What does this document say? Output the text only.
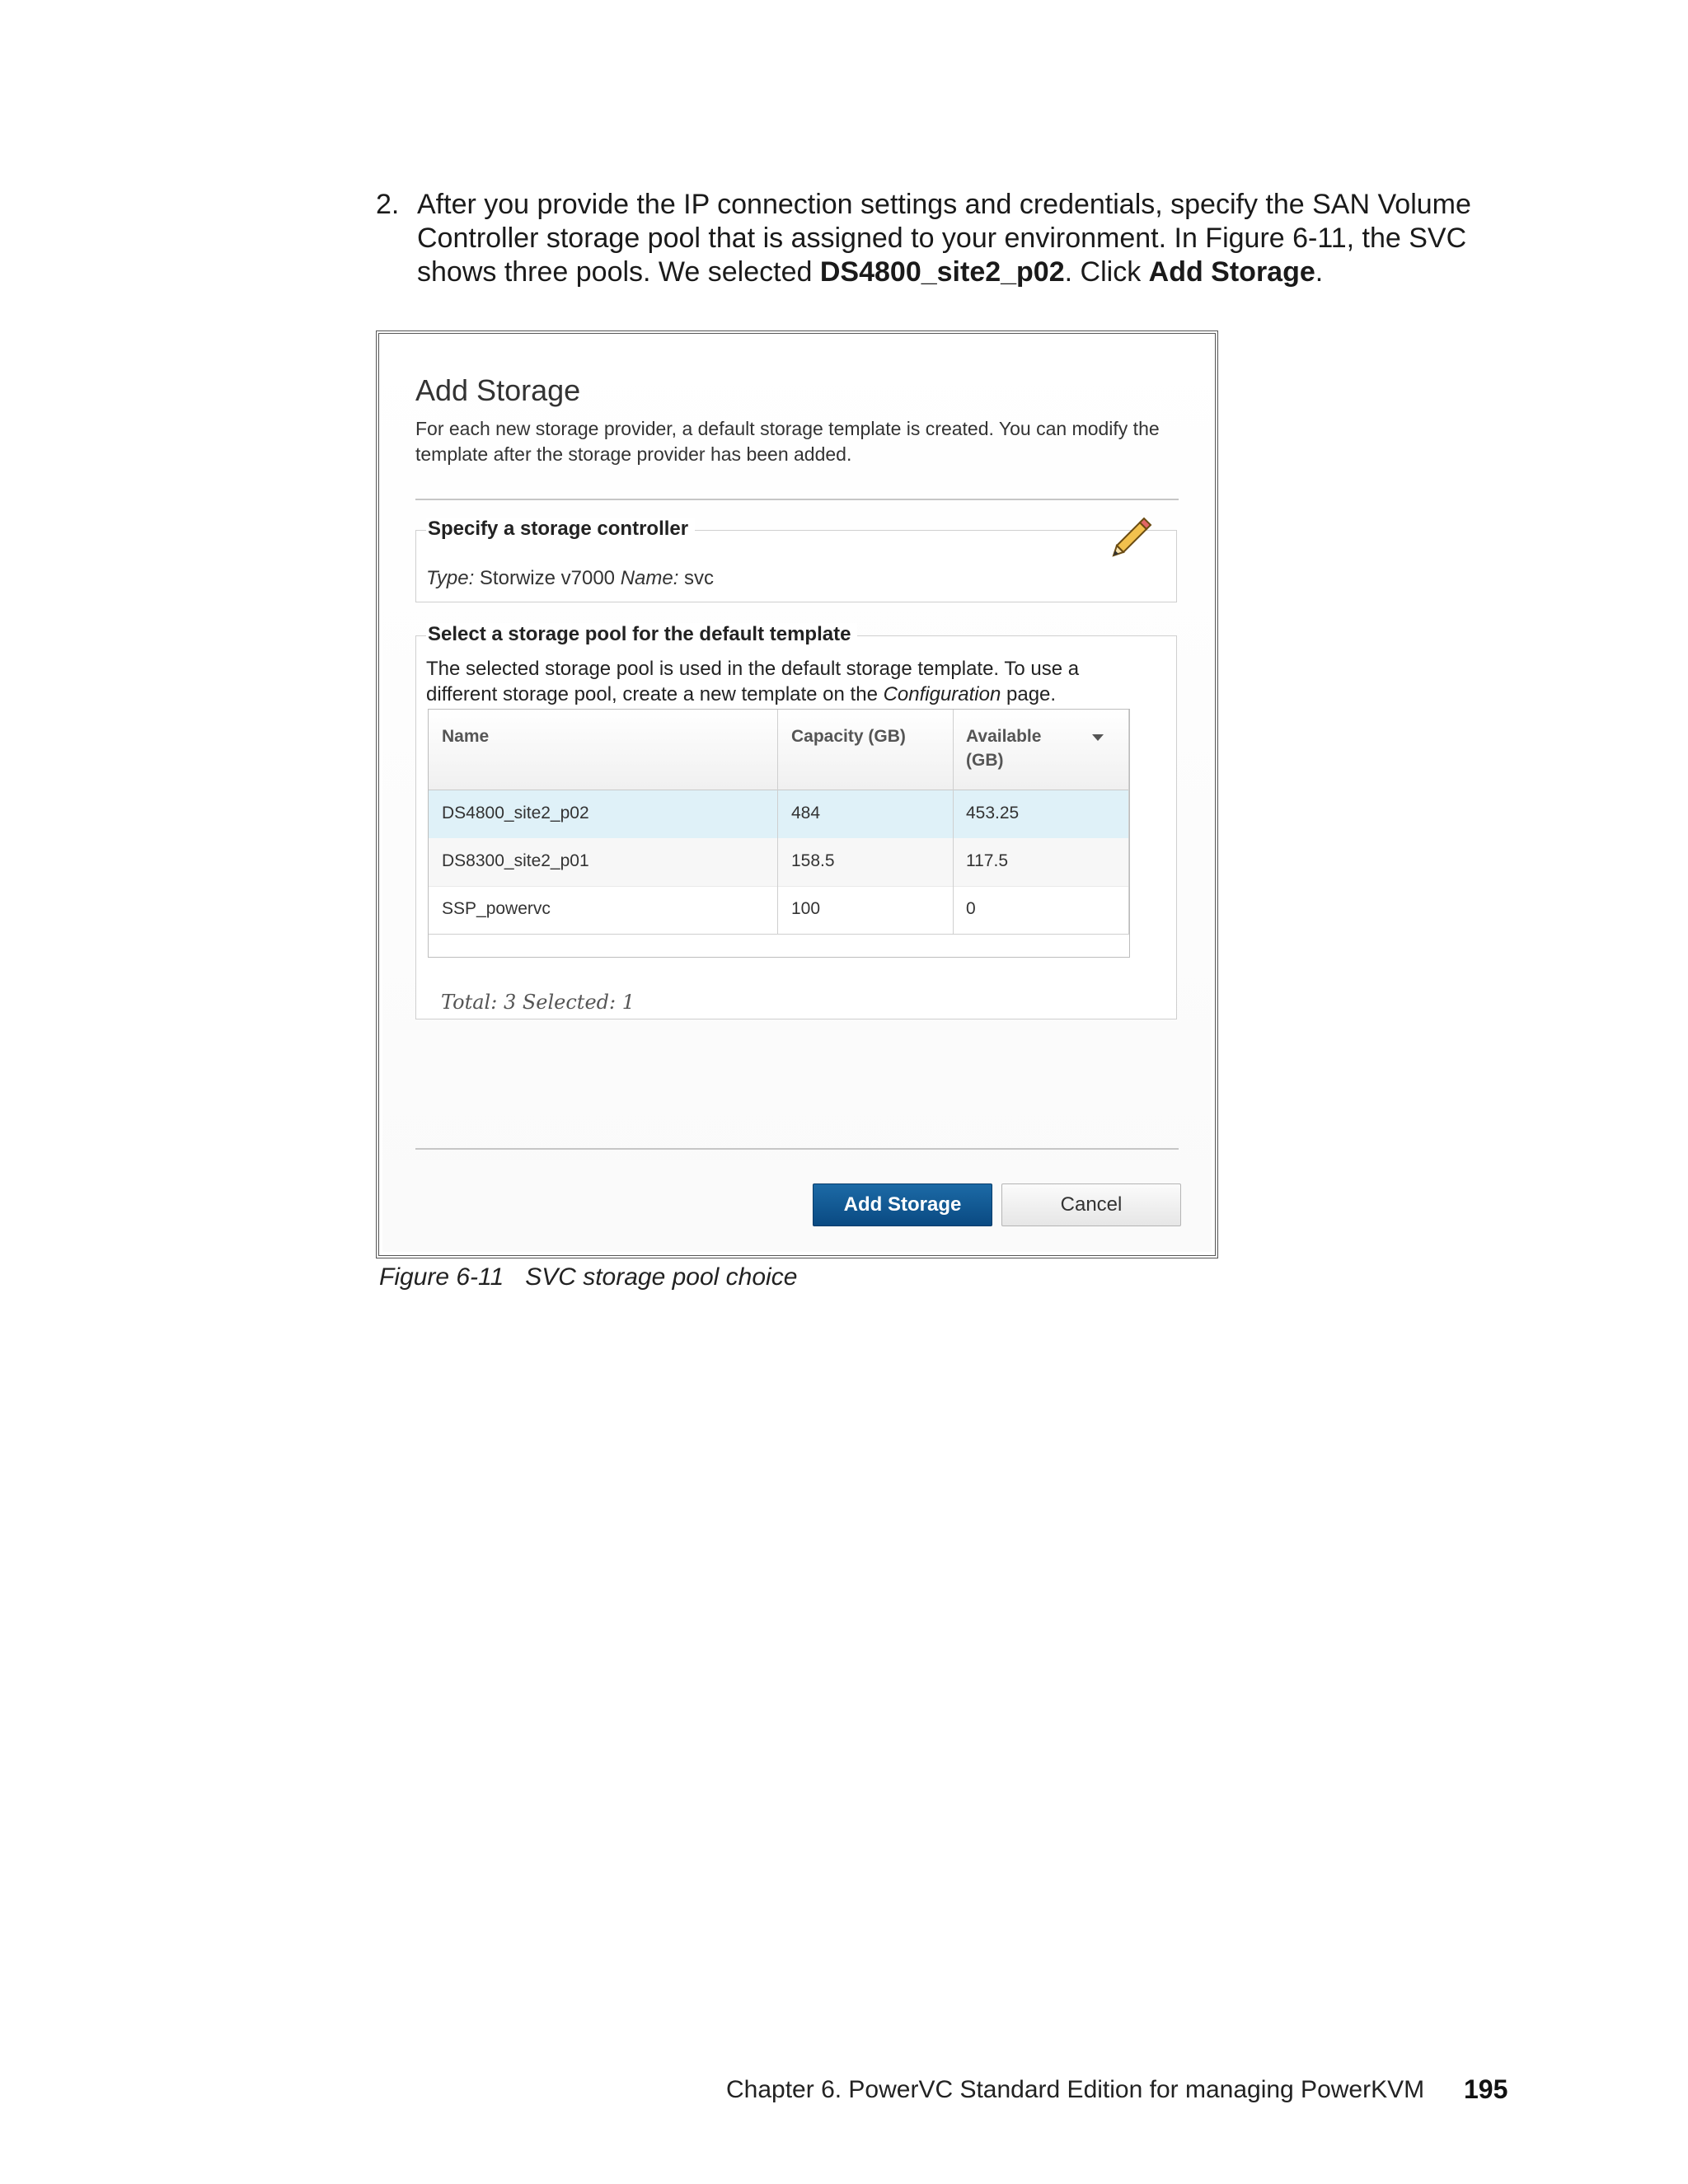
2. After you provide the IP connection settings and credentials, specify the SAN Volume Controller storage pool that is assigned to your environment. In Figure 6-11, the SVC shows three pools. We selected DS4800_site2_p02. Click Add Storage.
Add Storage
For each new storage provider, a default storage template is created. You can modify the template after the storage provider has been added.
Specify a storage controller
Type: Storwize v7000 Name: svc
Select a storage pool for the default template
The selected storage pool is used in the default storage template. To use a different storage pool, create a new template on the Configuration page.
Name	Capacity (GB)	Available
(GB)
DS4800_site2_p02	484	453.25
DS8300_site2_p01	158.5	117.5
SSP_powervc	100	0
Total: 3 Selected: 1
Add Storage	Cancel
Figure 6-11 SVC storage pool choice
Chapter 6. PowerVC Standard Edition for managing PowerKVM 195
